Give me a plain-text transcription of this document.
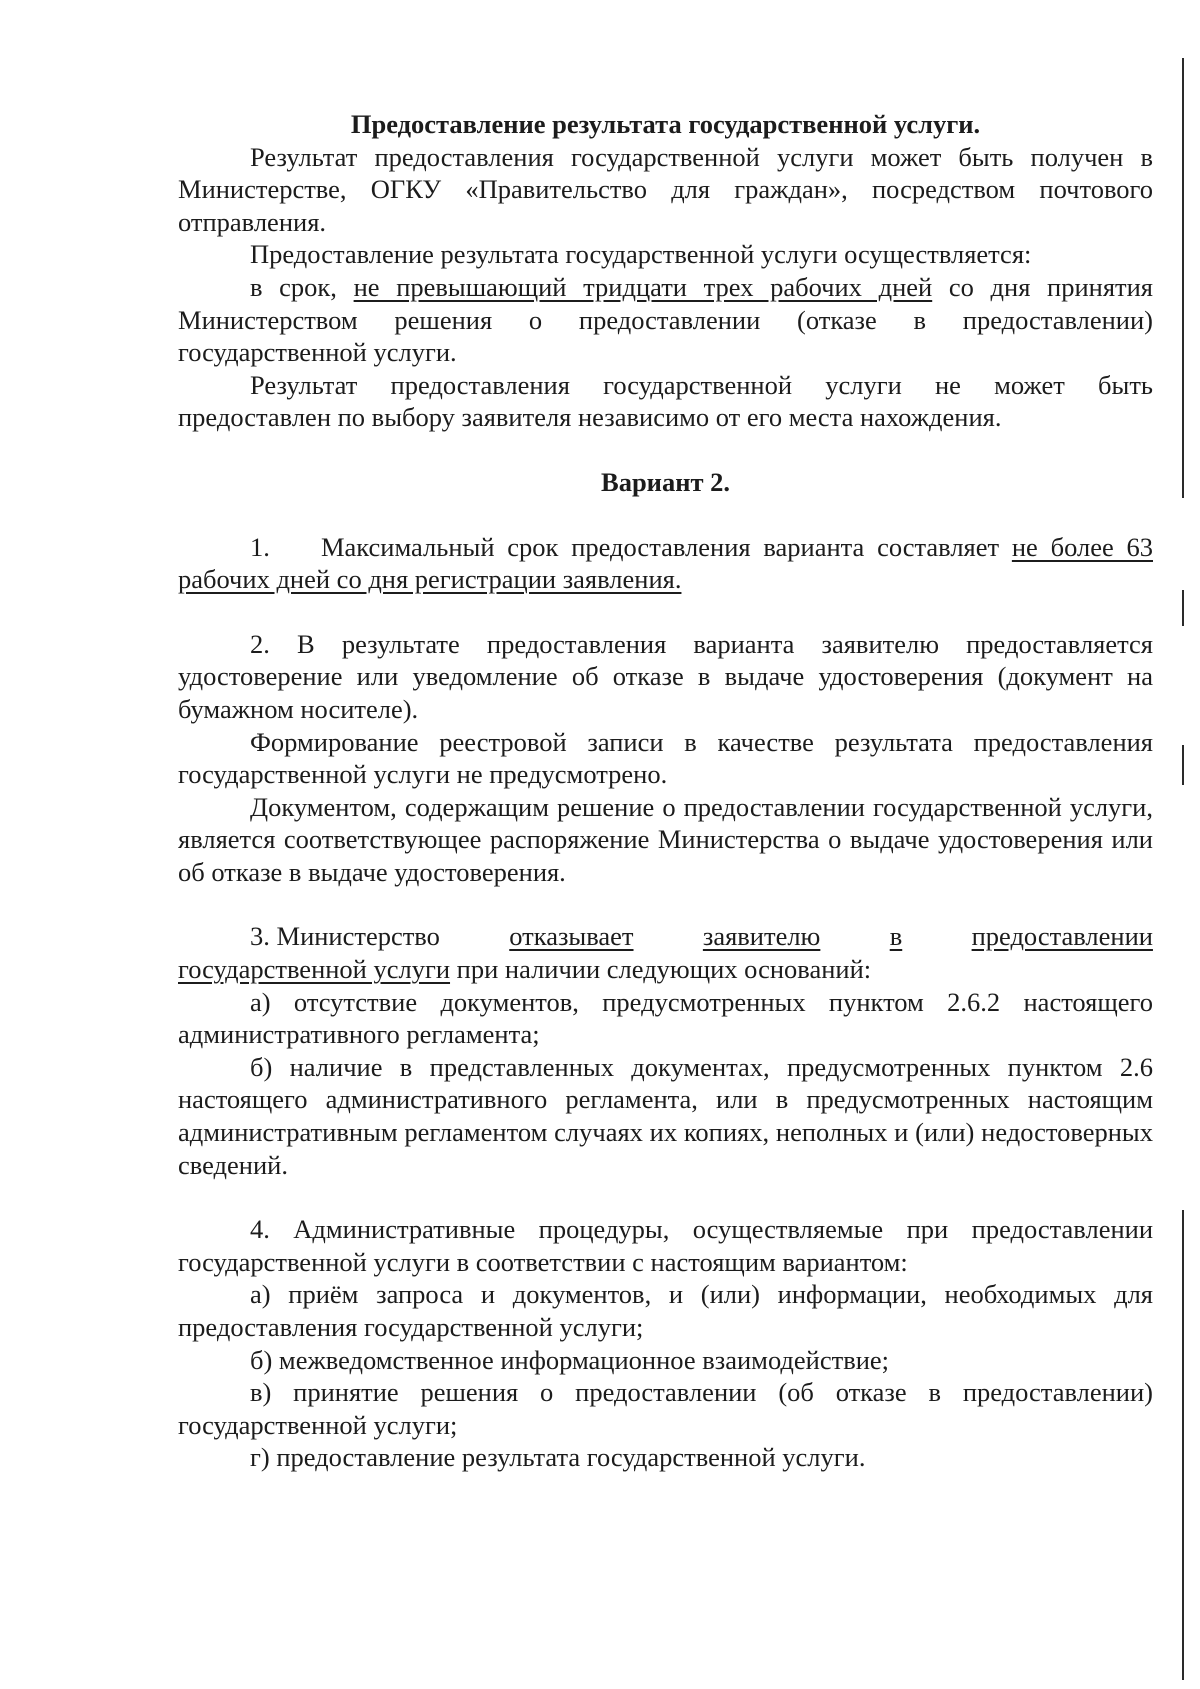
Предоставление результата государственной услуги.

Результат предоставления государственной услуги может быть получен в Министерстве, ОГКУ «Правительство для граждан», посредством почтового отправления.

Предоставление результата государственной услуги осуществляется:

в срок, не превышающий тридцати трех рабочих дней со дня принятия Министерством решения о предоставлении (отказе в предоставлении) государственной услуги.

Результат предоставления государственной услуги не может быть предоставлен по выбору заявителя независимо от его места нахождения.

Вариант 2.

1. Максимальный срок предоставления варианта составляет не более 63 рабочих дней со дня регистрации заявления.

2. В результате предоставления варианта заявителю предоставляется удостоверение или уведомление об отказе в выдаче удостоверения (документ на бумажном носителе).

Формирование реестровой записи в качестве результата предоставления государственной услуги не предусмотрено.

Документом, содержащим решение о предоставлении государственной услуги, является соответствующее распоряжение Министерства о выдаче удостоверения или об отказе в выдаче удостоверения.

3. Министерство	отказывает	заявителю	в	предоставлении

государственной услуги при наличии следующих оснований:

а) отсутствие документов, предусмотренных пунктом 2.6.2 настоящего административного регламента;

б) наличие в представленных документах, предусмотренных пунктом 2.6 настоящего административного регламента, или в предусмотренных настоящим административным регламентом случаях их копиях, неполных и (или) недостоверных сведений.

4. Административные процедуры, осуществляемые при предоставлении государственной услуги в соответствии с настоящим вариантом:

а) приём запроса и документов, и (или) информации, необходимых для предоставления государственной услуги;

б) межведомственное информационное взаимодействие;

в) принятие решения о предоставлении (об отказе в предоставлении) государственной услуги;

г) предоставление результата государственной услуги.
